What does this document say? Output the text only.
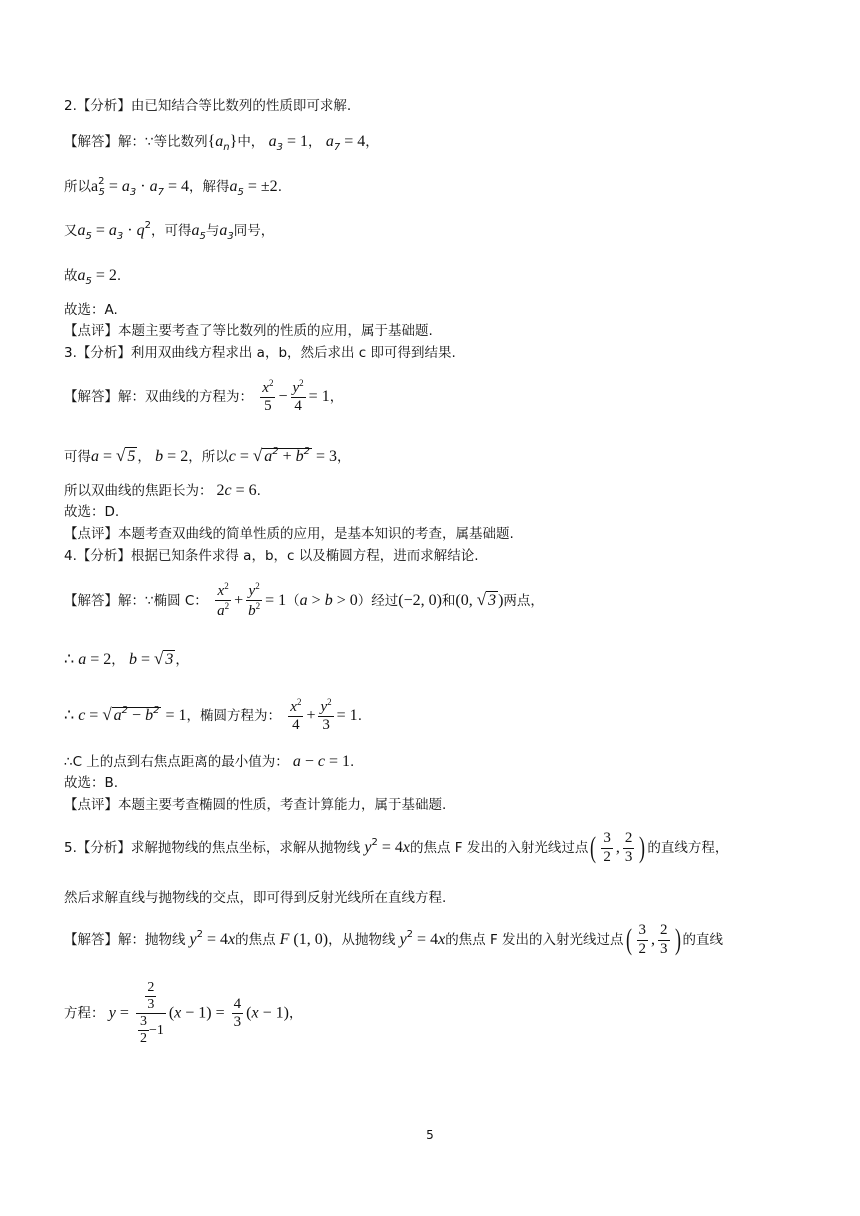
2.【分析】由已知结合等比数列的性质即可求解.
【解答】解：∵等比数列$\{a_n\}$中， $a_3 = 1$， $a_7 = 4$，
所以$a^2_5 = a_3 \cdot a_7 = 4$，解得$a_5 = \pm 2$.
又$a_5 = a_3 \cdot q^2$，可得$a_5$与$a_3$同号，
故$a_5 = 2$.
故选：A.
【点评】本题主要考查了等比数列的性质的应用，属于基础题.
3.【分析】利用双曲线方程求出 a，b，然后求出 c 即可得到结果.
【解答】解：双曲线的方程为： $\frac{x^2}{5} - \frac{y^2}{4} = 1$，
可得a = √ 5 ， b = 2，所以c = √ $a^2 + b^2 = 3$，
所以双曲线的焦距长为： 2c = 6.
故选：D.
【点评】本题考查双曲线的简单性质的应用，是基本知识的考查，属基础题.
4.【分析】根据已知条件求得 a，b，c 以及椭圆方程，进而求解结论.
【解答】解：∵椭圆 C： $\frac{x^2}{a^2} + \frac{y^2}{b^2} = 1(a > b > 0)$经过(−2, 0)和(0, √ 3 )两点，
∴ a = 2， b = √ 3 ，
∴ c = √ $a^2 - b^2 = 1$，椭圆方程为： $\frac{x^2}{4} + \frac{y^2}{3} = 1$.
∴C 上的点到右焦点距离的最小值为： a − c = 1.
故选：B.
【点评】本题主要考查椭圆的性质，考查计算能力，属于基础题.
5.【分析】求解抛物线的焦点坐标，求解从抛物线 $y^2 = 4x$的焦点 F 发出的入射光线过点( $\frac{3}{2}$ , $\frac{2}{3}$ ) 的直线方程，
然后求解直线与抛物线的交点，即可得到反射光线所在直线方程.
【解答】解：抛物线 $y^2 = 4x$的焦点 F (1, 0)，从抛物线 $y^2 = 4x$的焦点 F 发出的入射光线过点( $\frac{3}{2}$ , $\frac{2}{3}$ ) 的直线
方程： $y = \frac{\frac{2}{3}}{\frac{3}{2} -1} (x - 1) = \frac{4}{3} (x - 1)$，
5
